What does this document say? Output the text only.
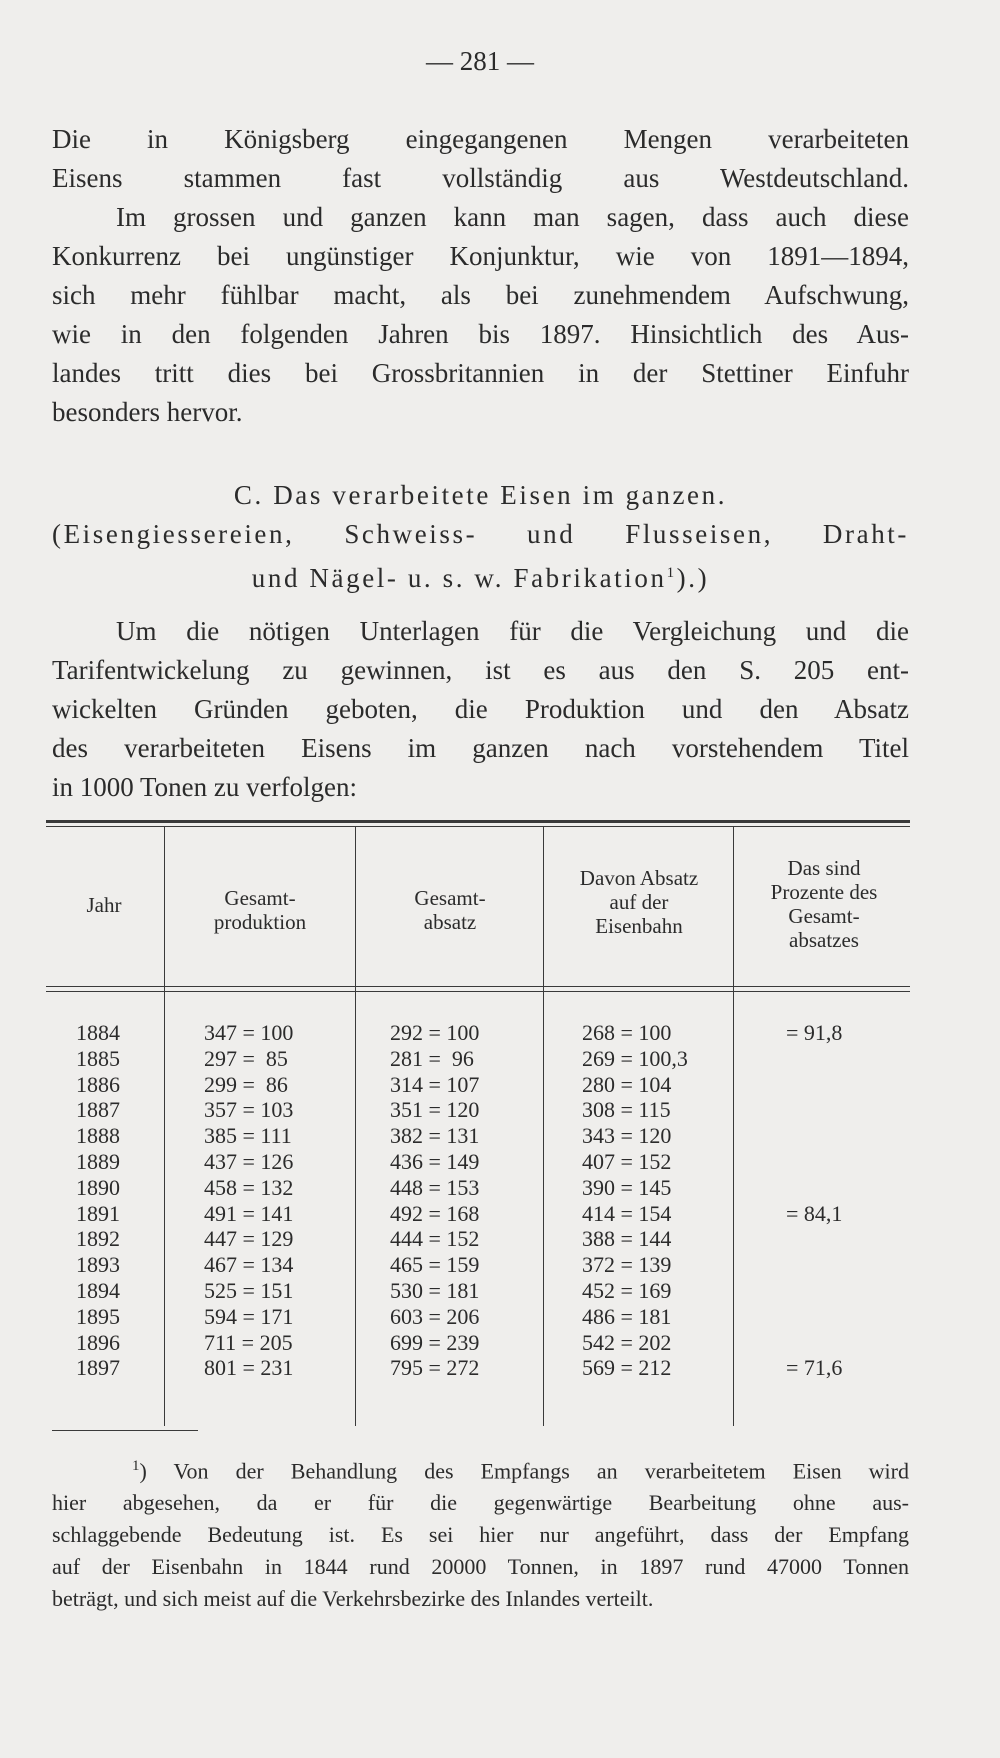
— 281 —
Die in Königsberg eingegangenen Mengen verarbeiteten
Eisens stammen fast vollständig aus Westdeutschland.
Im grossen und ganzen kann man sagen, dass auch diese
Konkurrenz bei ungünstiger Konjunktur, wie von 1891—1894,
sich mehr fühlbar macht, als bei zunehmendem Aufschwung,
wie in den folgenden Jahren bis 1897. Hinsichtlich des Aus-
landes tritt dies bei Grossbritannien in der Stettiner Einfuhr
besonders hervor.
C. Das verarbeitete Eisen im ganzen.
(Eisengiessereien, Schweiss- und Flusseisen, Draht-
und Nägel- u. s. w. Fabrikation$^1$).)
Um die nötigen Unterlagen für die Vergleichung und die
Tarifentwickelung zu gewinnen, ist es aus den S. 205 ent-
wickelten Gründen geboten, die Produktion und den Absatz
des verarbeiteten Eisens im ganzen nach vorstehendem Titel
in 1000 Tonen zu verfolgen:
Jahr	Gesamt-
produktion
Gesamt-
absatz
Davon Absatz
auf der
Eisenbahn
Das sind
Prozente des
Gesamt-
absatzes
1884
1885
1886
1887
1888
1889
1890
1891
1892
1893
1894
1895
1896
1897
347 = 100
297 =  85
299 =  86
357 = 103
385 = 111
437 = 126
458 = 132
491 = 141
447 = 129
467 = 134
525 = 151
594 = 171
711 = 205
801 = 231
292 = 100
281 =  96
314 = 107
351 = 120
382 = 131
436 = 149
448 = 153
492 = 168
444 = 152
465 = 159
530 = 181
603 = 206
699 = 239
795 = 272
268 = 100
269 = 100,3
280 = 104
308 = 115
343 = 120
407 = 152
390 = 145
414 = 154
388 = 144
372 = 139
452 = 169
486 = 181
542 = 202
569 = 212
= 91,8
= 84,1
= 71,6
$^1$) Von der Behandlung des Empfangs an verarbeitetem Eisen wird
hier abgesehen, da er für die gegenwärtige Bearbeitung ohne aus-
schlaggebende Bedeutung ist. Es sei hier nur angeführt, dass der Empfang
auf der Eisenbahn in 1844 rund 20000 Tonnen, in 1897 rund 47000 Tonnen
beträgt, und sich meist auf die Verkehrsbezirke des Inlandes verteilt.
